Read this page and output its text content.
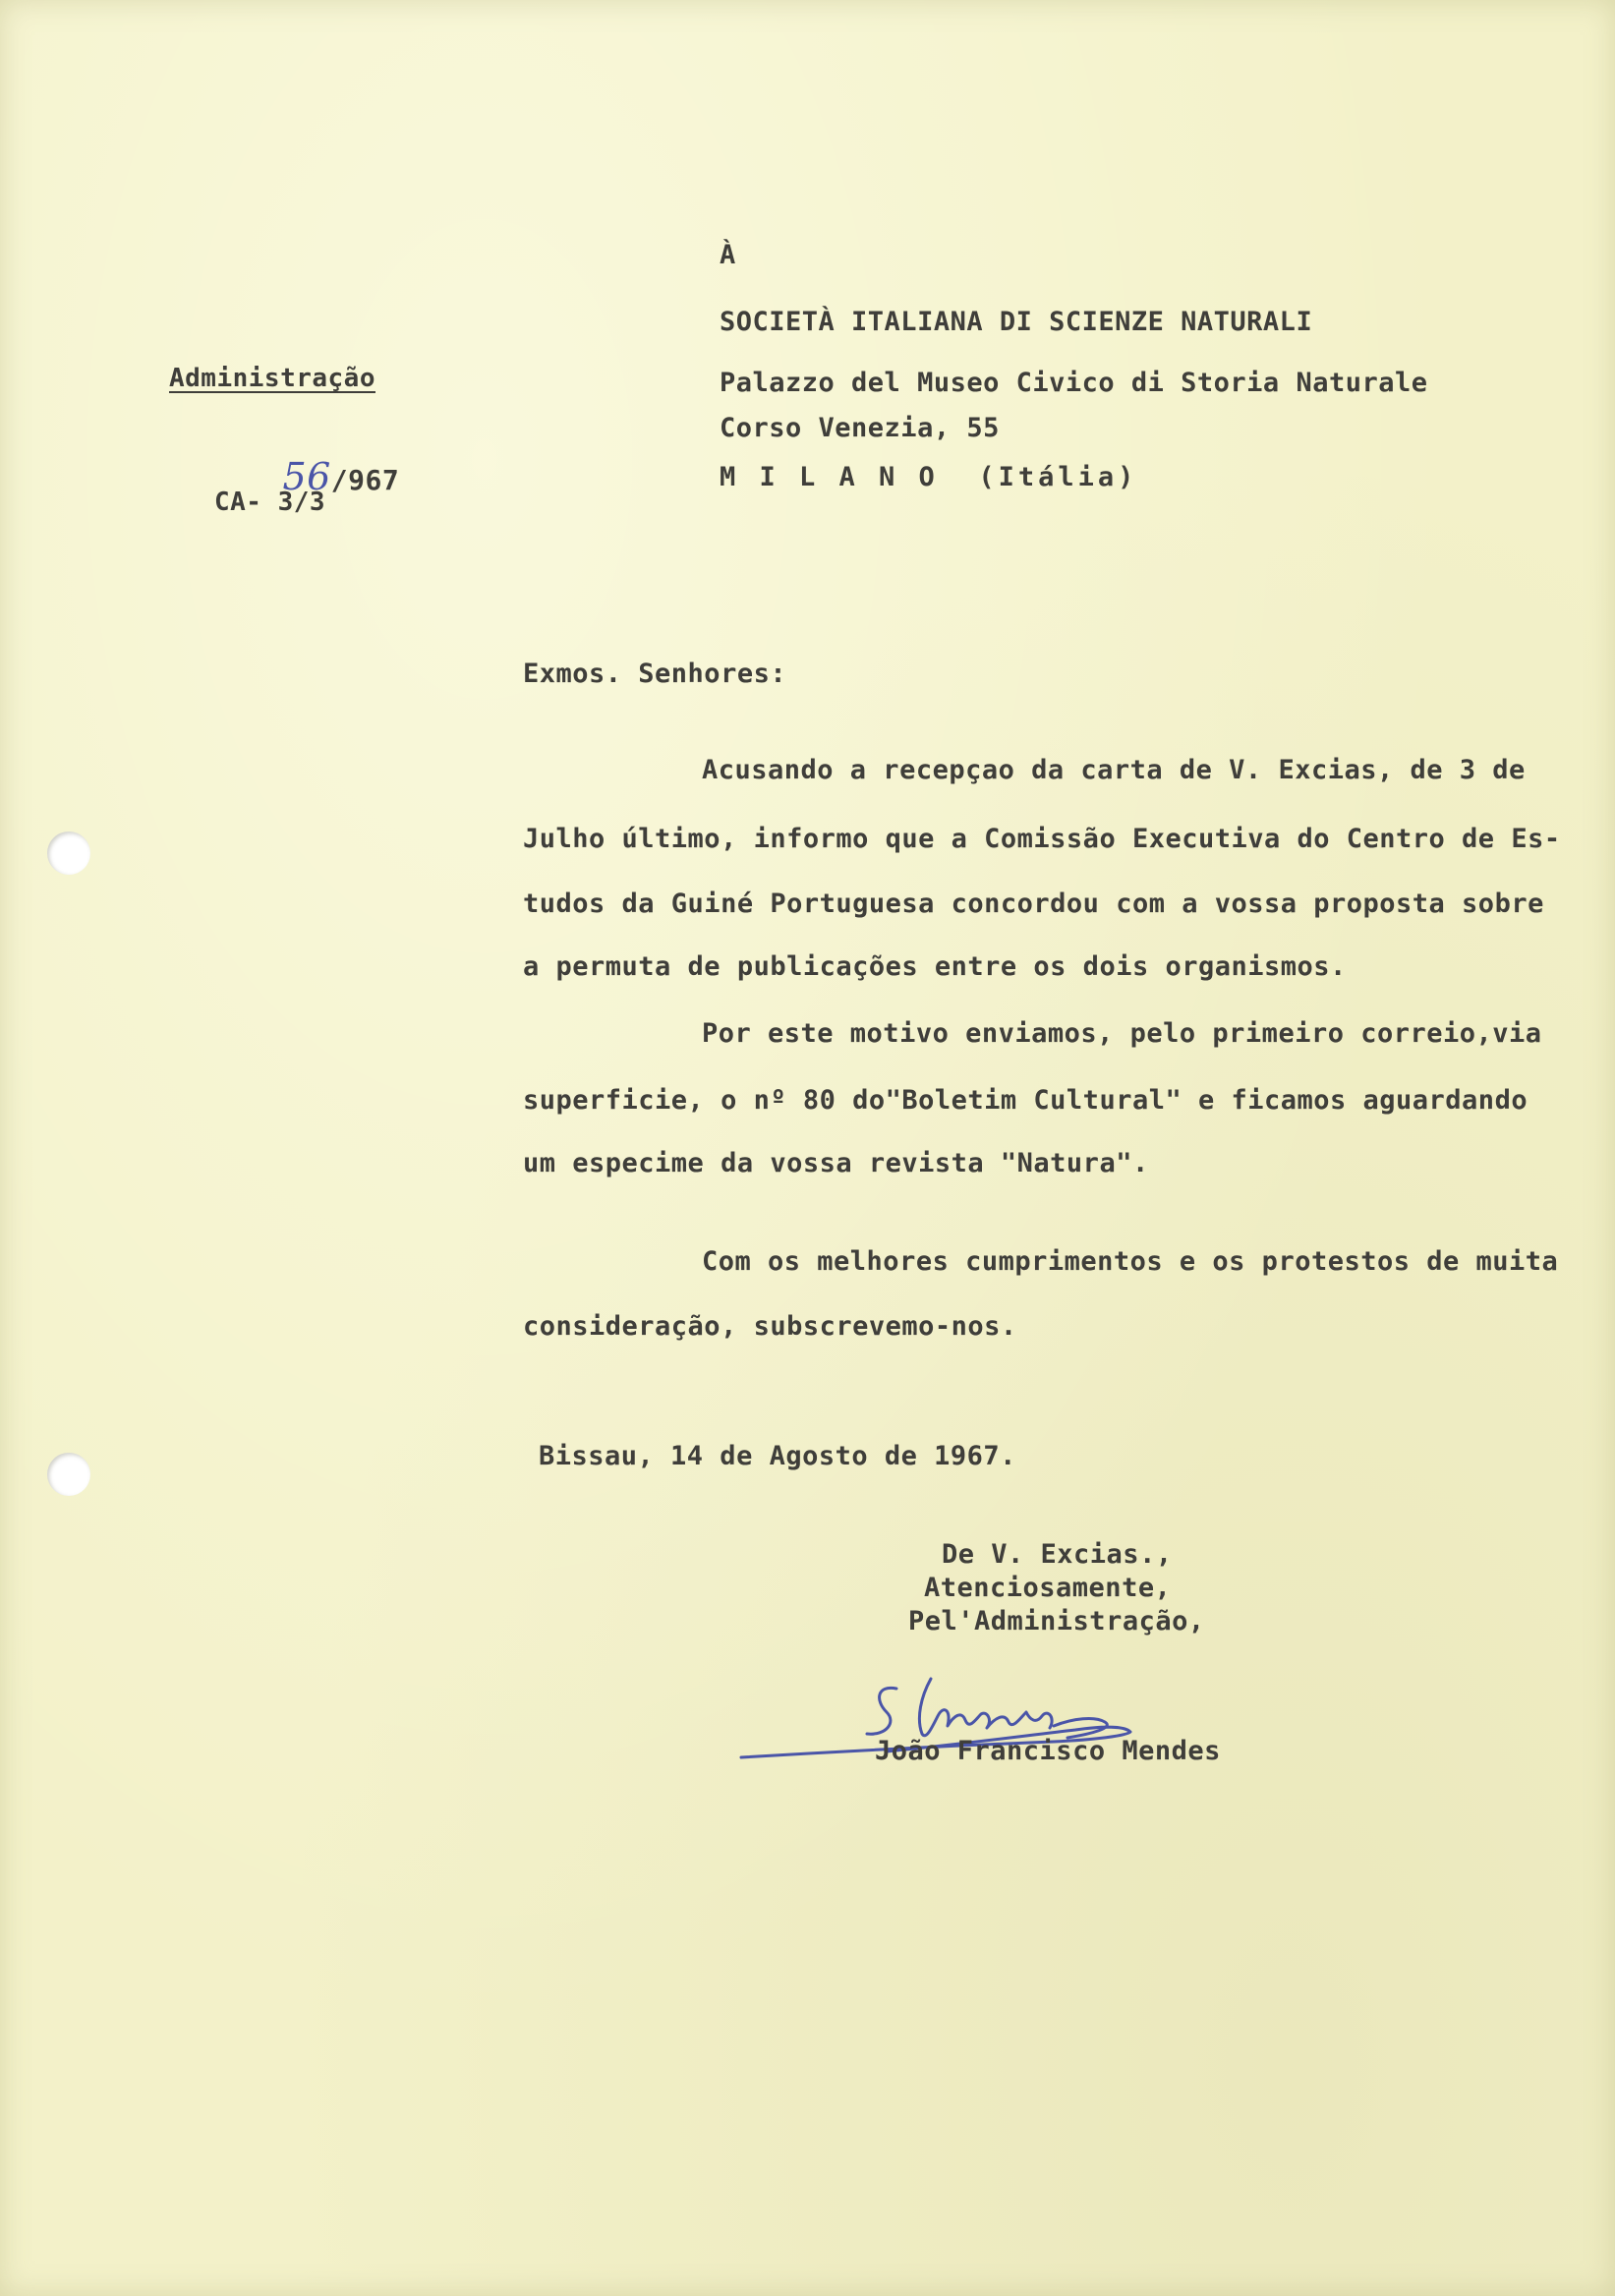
Administração

56/967

CA- 3/3
À
SOCIETÀ ITALIANA DI SCIENZE NATURALI
Palazzo del Museo Civico di Storia Naturale
Corso Venezia, 55
M I L A N O  (Itália)
Exmos. Senhores:
Acusando a recepçao da carta de V. Excias, de 3 de
Julho último, informo que a Comissão Executiva do Centro de Es-
tudos da Guiné Portuguesa concordou com a vossa proposta sobre
a permuta de publicações entre os dois organismos.
Por este motivo enviamos, pelo primeiro correio,via
superficie, o nº 80 do"Boletim Cultural" e ficamos aguardando
um especime da vossa revista "Natura".
Com os melhores cumprimentos e os protestos de muita
consideração, subscrevemo-nos.
Bissau, 14 de Agosto de 1967.
De V. Excias.,
Atenciosamente,
Pel'Administração,
João Francisco Mendes
